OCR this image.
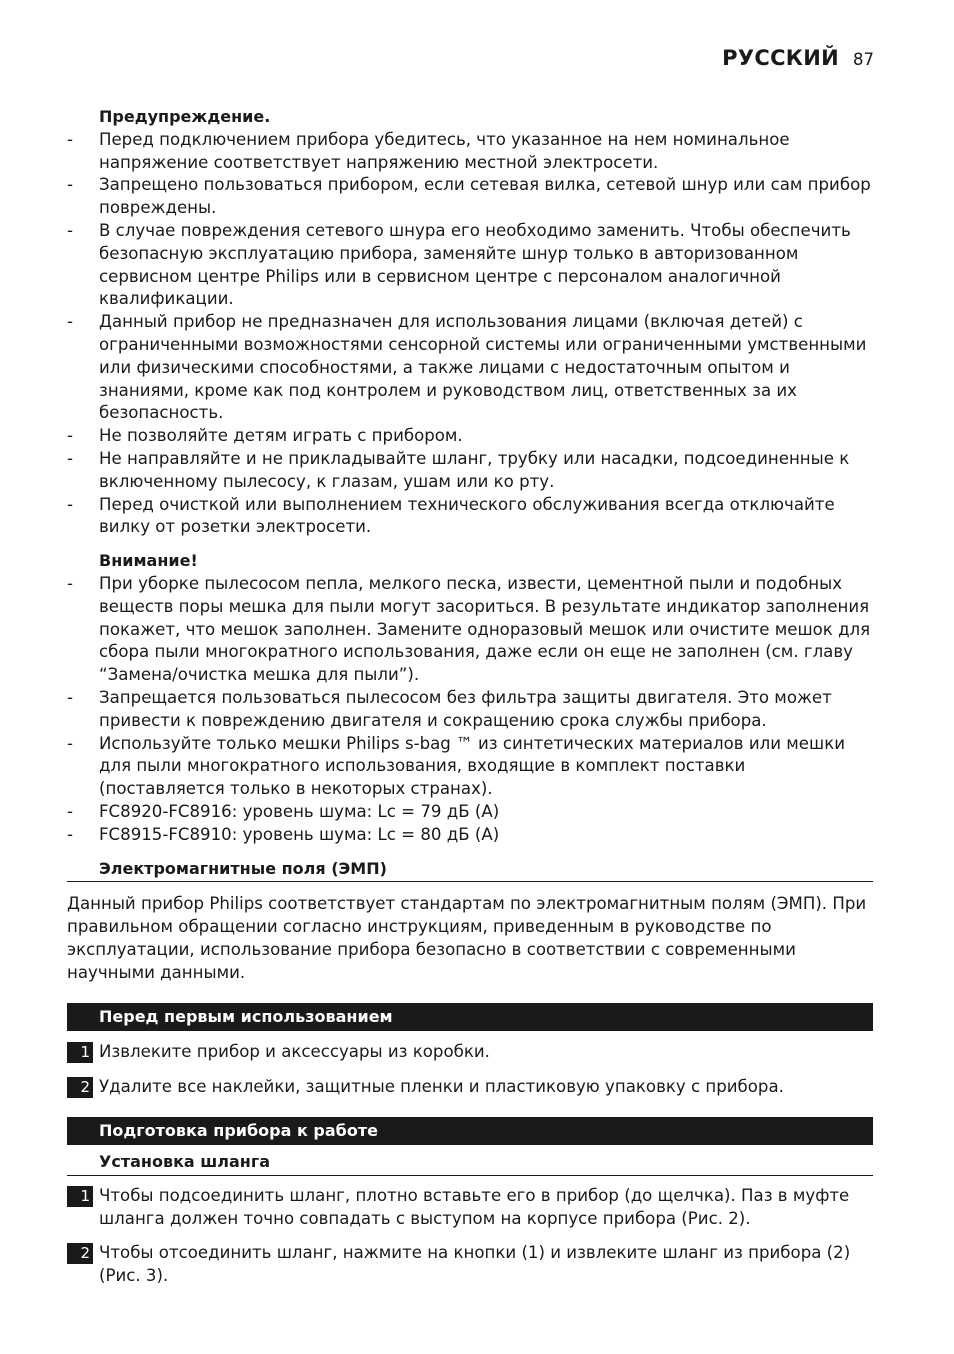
РУССКИЙ 87
Предупреждение.
- Перед подключением прибора убедитесь, что указанное на нем номинальное напряжение соответствует напряжению местной электросети.
- Запрещено пользоваться прибором, если сетевая вилка, сетевой шнур или сам прибор повреждены.
- В случае повреждения сетевого шнура его необходимо заменить. Чтобы обеспечить безопасную эксплуатацию прибора, заменяйте шнур только в авторизованном сервисном центре Philips или в сервисном центре с персоналом аналогичной квалификации.
- Данный прибор не предназначен для использования лицами (включая детей) с ограниченными возможностями сенсорной системы или ограниченными умственными или физическими способностями, а также лицами с недостаточным опытом и знаниями, кроме как под контролем и руководством лиц, ответственных за их безопасность.
- Не позволяйте детям играть с прибором.
- Не направляйте и не прикладывайте шланг, трубку или насадки, подсоединенные к включенному пылесосу, к глазам, ушам или ко рту.
- Перед очисткой или выполнением технического обслуживания всегда отключайте вилку от розетки электросети.
Внимание!
- При уборке пылесосом пепла, мелкого песка, извести, цементной пыли и подобных веществ поры мешка для пыли могут засориться. В результате индикатор заполнения покажет, что мешок заполнен. Замените одноразовый мешок или очистите мешок для сбора пыли многократного использования, даже если он еще не заполнен (см. главу “Замена/очистка мешка для пыли”).
- Запрещается пользоваться пылесосом без фильтра защиты двигателя. Это может привести к повреждению двигателя и сокращению срока службы прибора.
- Используйте только мешки Philips s-bag ™ из синтетических материалов или мешки для пыли многократного использования, входящие в комплект поставки (поставляется только в некоторых странах).
- FC8920-FC8916: уровень шума: Lc = 79 дБ (А)
- FC8915-FC8910: уровень шума: Lc = 80 дБ (А)
Электромагнитные поля (ЭМП)

Данный прибор Philips соответствует стандартам по электромагнитным полям (ЭМП). При правильном обращении согласно инструкциям, приведенным в руководстве по эксплуатации, использование прибора безопасно в соответствии с современными научными данными.

Перед первым использованием
1 Извлеките прибор и аксессуары из коробки.
2 Удалите все наклейки, защитные пленки и пластиковую упаковку с прибора.
Подготовка прибора к работе
Установка шланга
1 Чтобы подсоединить шланг, плотно вставьте его в прибор (до щелчка). Паз в муфте шланга должен точно совпадать с выступом на корпусе прибора (Рис. 2).
2 Чтобы отсоединить шланг, нажмите на кнопки (1) и извлеките шланг из прибора (2) (Рис. 3).
